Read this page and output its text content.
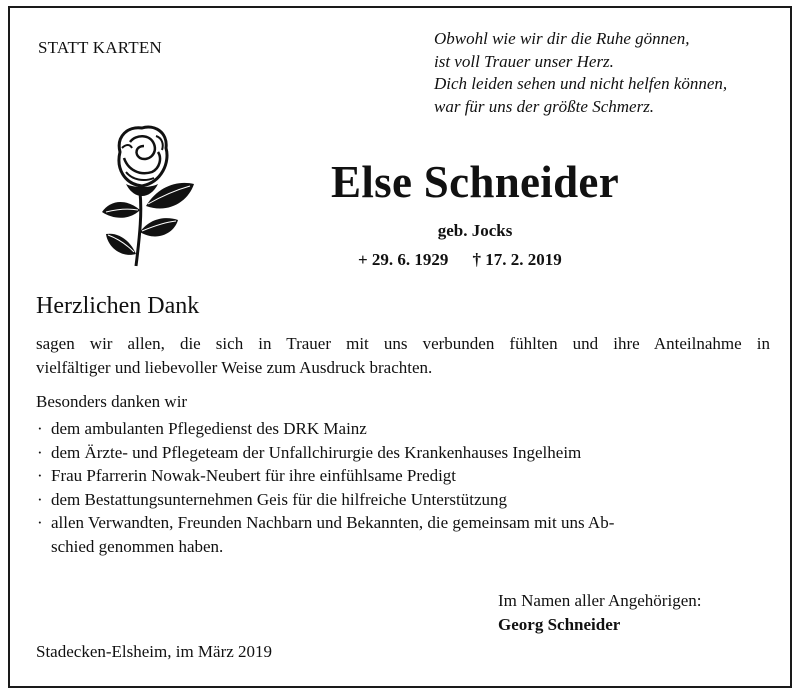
STATT KARTEN	Obwohl wie wir dir die Ruhe gönnen,
ist voll Trauer unser Herz.
Dich leiden sehen und nicht helfen können,
war für uns der größte Schmerz.
Else Schneider
geb. Jocks
+ 29. 6. 1929 † 17. 2. 2019
Herzlichen Dank
sagen wir allen, die sich in Trauer mit uns verbunden fühlten und ihre Anteilnahme in
vielfältiger und liebevoller Weise zum Ausdruck brachten.
Besonders danken wir
· dem ambulanten Pflegedienst des DRK Mainz
· dem Ärzte- und Pflegeteam der Unfallchirurgie des Krankenhauses Ingelheim
· Frau Pfarrerin Nowak-Neubert für ihre einfühlsame Predigt
· dem Bestattungsunternehmen Geis für die hilfreiche Unterstützung
· allen Verwandten, Freunden Nachbarn und Bekannten, die gemeinsam mit uns Ab-
schied genommen haben.
Im Namen aller Angehörigen:
Georg Schneider
Stadecken-Elsheim, im März 2019
